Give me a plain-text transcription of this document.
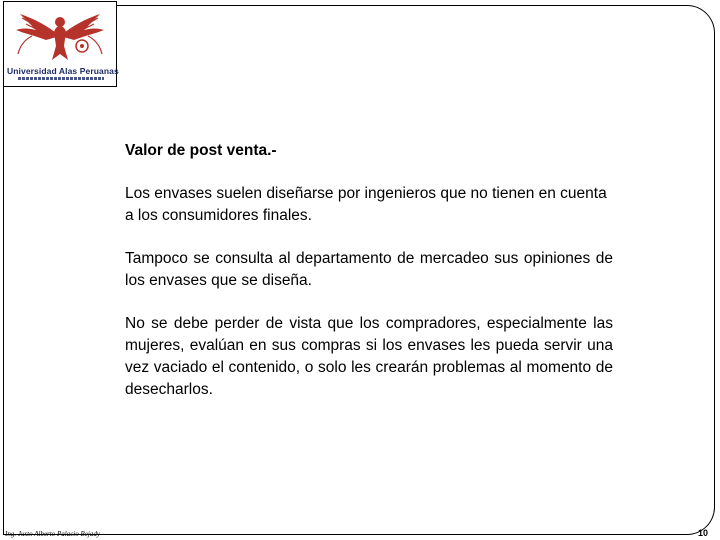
Universidad Alas Peruanas

Valor de post venta.-

Los envases suelen diseñarse por ingenieros que no tienen en cuenta a los consumidores finales.

Tampoco se consulta al departamento de mercadeo sus opiniones de los envases que se diseña.

No se debe perder de vista que los compradores, especialmente las mujeres, evalúan en sus compras si los envases les pueda servir una vez vaciado el contenido, o solo les crearán problemas al momento de desecharlos.

Ing. Justo Alberto Palacio Bejady	10
